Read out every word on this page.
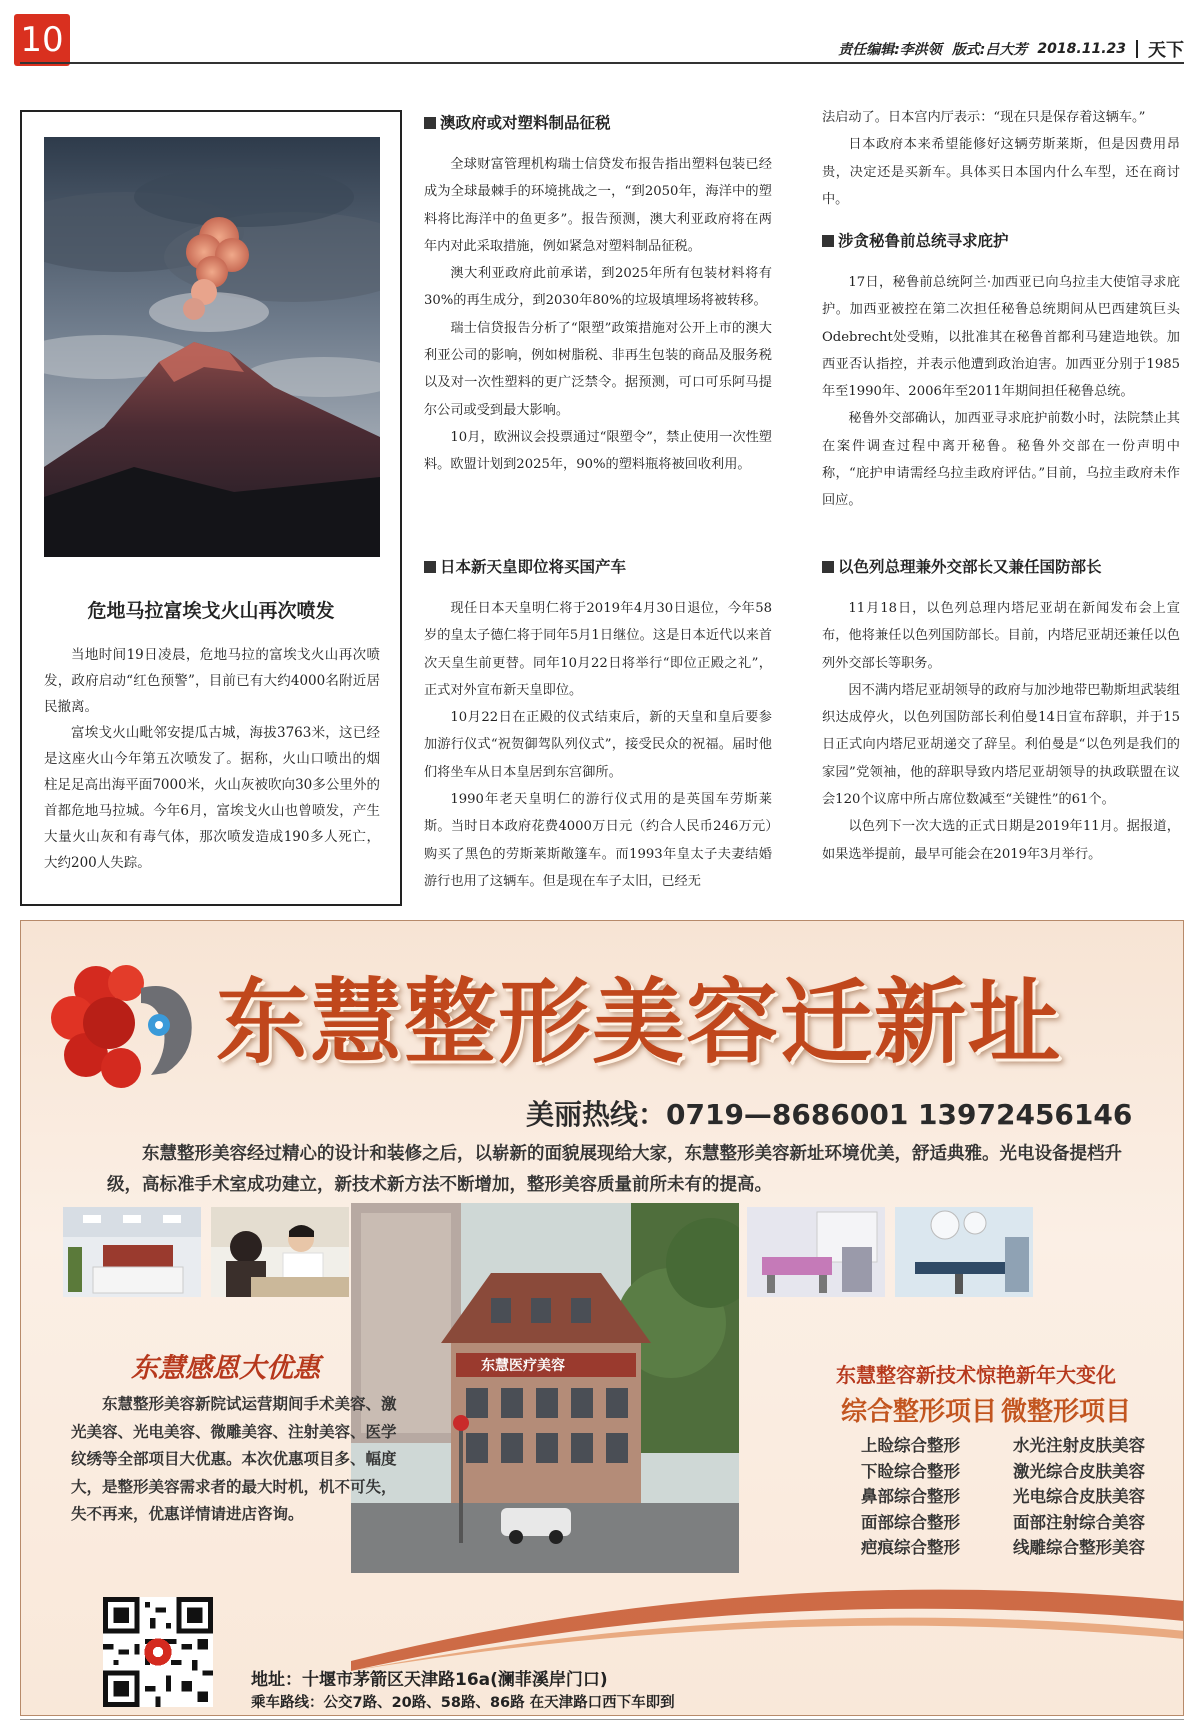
10	责任编辑:李洪领 版式:吕大芳 2018.11.23 天下
危地马拉富埃戈火山再次喷发

当地时间19日凌晨，危地马拉的富埃戈火山再次喷发，政府启动“红色预警”，目前已有大约4000名附近居民撤离。

富埃戈火山毗邻安提瓜古城，海拔3763米，这已经是这座火山今年第五次喷发了。据称，火山口喷出的烟柱足足高出海平面7000米，火山灰被吹向30多公里外的首都危地马拉城。今年6月，富埃戈火山也曾喷发，产生大量火山灰和有毒气体，那次喷发造成190多人死亡，大约200人失踪。

澳政府或对塑料制品征税

全球财富管理机构瑞士信贷发布报告指出塑料包装已经成为全球最棘手的环境挑战之一，“到2050年，海洋中的塑料将比海洋中的鱼更多”。报告预测，澳大利亚政府将在两年内对此采取措施，例如紧急对塑料制品征税。

澳大利亚政府此前承诺，到2025年所有包装材料将有30%的再生成分，到2030年80%的垃圾填埋场将被转移。

瑞士信贷报告分析了“限塑”政策措施对公开上市的澳大利亚公司的影响，例如树脂税、非再生包装的商品及服务税以及对一次性塑料的更广泛禁令。据预测，可口可乐阿马提尔公司或受到最大影响。

10月，欧洲议会投票通过“限塑令”，禁止使用一次性塑料。欧盟计划到2025年，90%的塑料瓶将被回收利用。

日本新天皇即位将买国产车

现任日本天皇明仁将于2019年4月30日退位，今年58岁的皇太子德仁将于同年5月1日继位。这是日本近代以来首次天皇生前更替。同年10月22日将举行“即位正殿之礼”，正式对外宣布新天皇即位。

10月22日在正殿的仪式结束后，新的天皇和皇后要参加游行仪式“祝贺御驾队列仪式”，接受民众的祝福。届时他们将坐车从日本皇居到东宫御所。

1990年老天皇明仁的游行仪式用的是英国车劳斯莱斯。当时日本政府花费4000万日元（约合人民币246万元）购买了黑色的劳斯莱斯敞篷车。而1993年皇太子夫妻结婚游行也用了这辆车。但是现在车子太旧，已经无

法启动了。日本宫内厅表示：“现在只是保存着这辆车。”

日本政府本来希望能修好这辆劳斯莱斯，但是因费用昂贵，决定还是买新车。具体买日本国内什么车型，还在商讨中。

涉贪秘鲁前总统寻求庇护

17日，秘鲁前总统阿兰·加西亚已向乌拉圭大使馆寻求庇护。加西亚被控在第二次担任秘鲁总统期间从巴西建筑巨头Odebrecht处受贿，以批准其在秘鲁首都利马建造地铁。加西亚否认指控，并表示他遭到政治迫害。加西亚分别于1985年至1990年、2006年至2011年期间担任秘鲁总统。

秘鲁外交部确认，加西亚寻求庇护前数小时，法院禁止其在案件调查过程中离开秘鲁。秘鲁外交部在一份声明中称，“庇护申请需经乌拉圭政府评估。”目前，乌拉圭政府未作回应。

以色列总理兼外交部长又兼任国防部长

11月18日，以色列总理内塔尼亚胡在新闻发布会上宣布，他将兼任以色列国防部长。目前，内塔尼亚胡还兼任以色列外交部长等职务。

因不满内塔尼亚胡领导的政府与加沙地带巴勒斯坦武装组织达成停火，以色列国防部长利伯曼14日宣布辞职，并于15日正式向内塔尼亚胡递交了辞呈。利伯曼是“以色列是我们的家园”党领袖，他的辞职导致内塔尼亚胡领导的执政联盟在议会120个议席中所占席位数减至“关键性”的61个。

以色列下一次大选的正式日期是2019年11月。据报道，如果选举提前，最早可能会在2019年3月举行。

东慧整形美容迁新址
美丽热线：0719—8686001 13972456146
东慧整形美容经过精心的设计和装修之后，以崭新的面貌展现给大家，东慧整形美容新址环境优美，舒适典雅。光电设备提档升级，高标准手术室成功建立，新技术新方法不断增加，整形美容质量前所未有的提高。
东慧医疗美容
东慧感恩大优惠
东慧整形美容新院试运营期间手术美容、激光美容、光电美容、微雕美容、注射美容、医学纹绣等全部项目大优惠。本次优惠项目多、幅度大，是整形美容需求者的最大时机，机不可失，失不再来，优惠详情请进店咨询。
东慧整容新技术惊艳新年大变化
综合整形项目 微整形项目
上睑综合整形
下睑综合整形
鼻部综合整形
面部综合整形
疤痕综合整形
水光注射皮肤美容
激光综合皮肤美容
光电综合皮肤美容
面部注射综合美容
线雕综合整形美容
地址：十堰市茅箭区天津路16a(澜菲溪岸门口)
乘车路线：公交7路、20路、58路、86路 在天津路口西下车即到
